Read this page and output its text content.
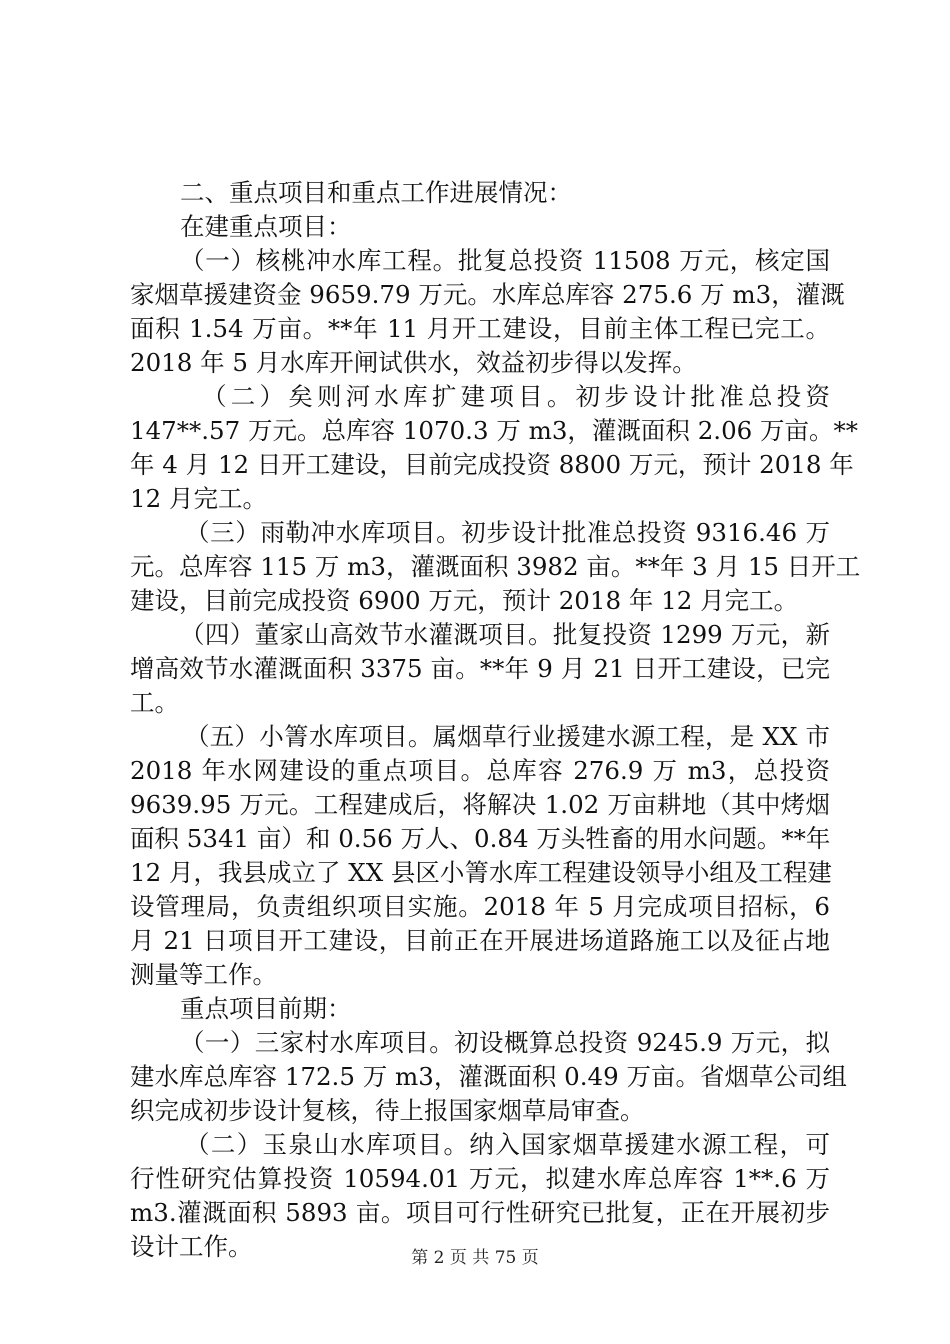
二、重点项目和重点工作进展情况：
在建重点项目：
（一）核桃冲水库工程。批复总投资 11508 万元，核定国
家烟草援建资金 9659.79 万元。水库总库容 275.6 万 m3，灌溉
面积 1.54 万亩。**年 11 月开工建设，目前主体工程已完工。
2018 年 5 月水库开闸试供水，效益初步得以发挥。
（二）矣则河水库扩建项目。初步设计批准总投资
147**.57 万元。总库容 1070.3 万 m3，灌溉面积 2.06 万亩。**
年 4 月 12 日开工建设，目前完成投资 8800 万元，预计 2018 年
12 月完工。
（三）雨勒冲水库项目。初步设计批准总投资 9316.46 万
元。总库容 115 万 m3，灌溉面积 3982 亩。**年 3 月 15 日开工
建设，目前完成投资 6900 万元，预计 2018 年 12 月完工。
（四）董家山高效节水灌溉项目。批复投资 1299 万元，新
增高效节水灌溉面积 3375 亩。**年 9 月 21 日开工建设，已完
工。
（五）小箐水库项目。属烟草行业援建水源工程，是 XX 市
2018 年水网建设的重点项目。总库容 276.9 万 m3，总投资
9639.95 万元。工程建成后，将解决 1.02 万亩耕地（其中烤烟
面积 5341 亩）和 0.56 万人、0.84 万头牲畜的用水问题。**年
12 月，我县成立了 XX 县区小箐水库工程建设领导小组及工程建
设管理局，负责组织项目实施。2018 年 5 月完成项目招标，6
月 21 日项目开工建设，目前正在开展进场道路施工以及征占地
测量等工作。
重点项目前期：
（一）三家村水库项目。初设概算总投资 9245.9 万元，拟
建水库总库容 172.5 万 m3，灌溉面积 0.49 万亩。省烟草公司组
织完成初步设计复核，待上报国家烟草局审查。
（二）玉泉山水库项目。纳入国家烟草援建水源工程，可
行性研究估算投资 10594.01 万元，拟建水库总库容 1**.6 万
m3.灌溉面积 5893 亩。项目可行性研究已批复，正在开展初步
设计工作。	第 2 页 共 75 页
